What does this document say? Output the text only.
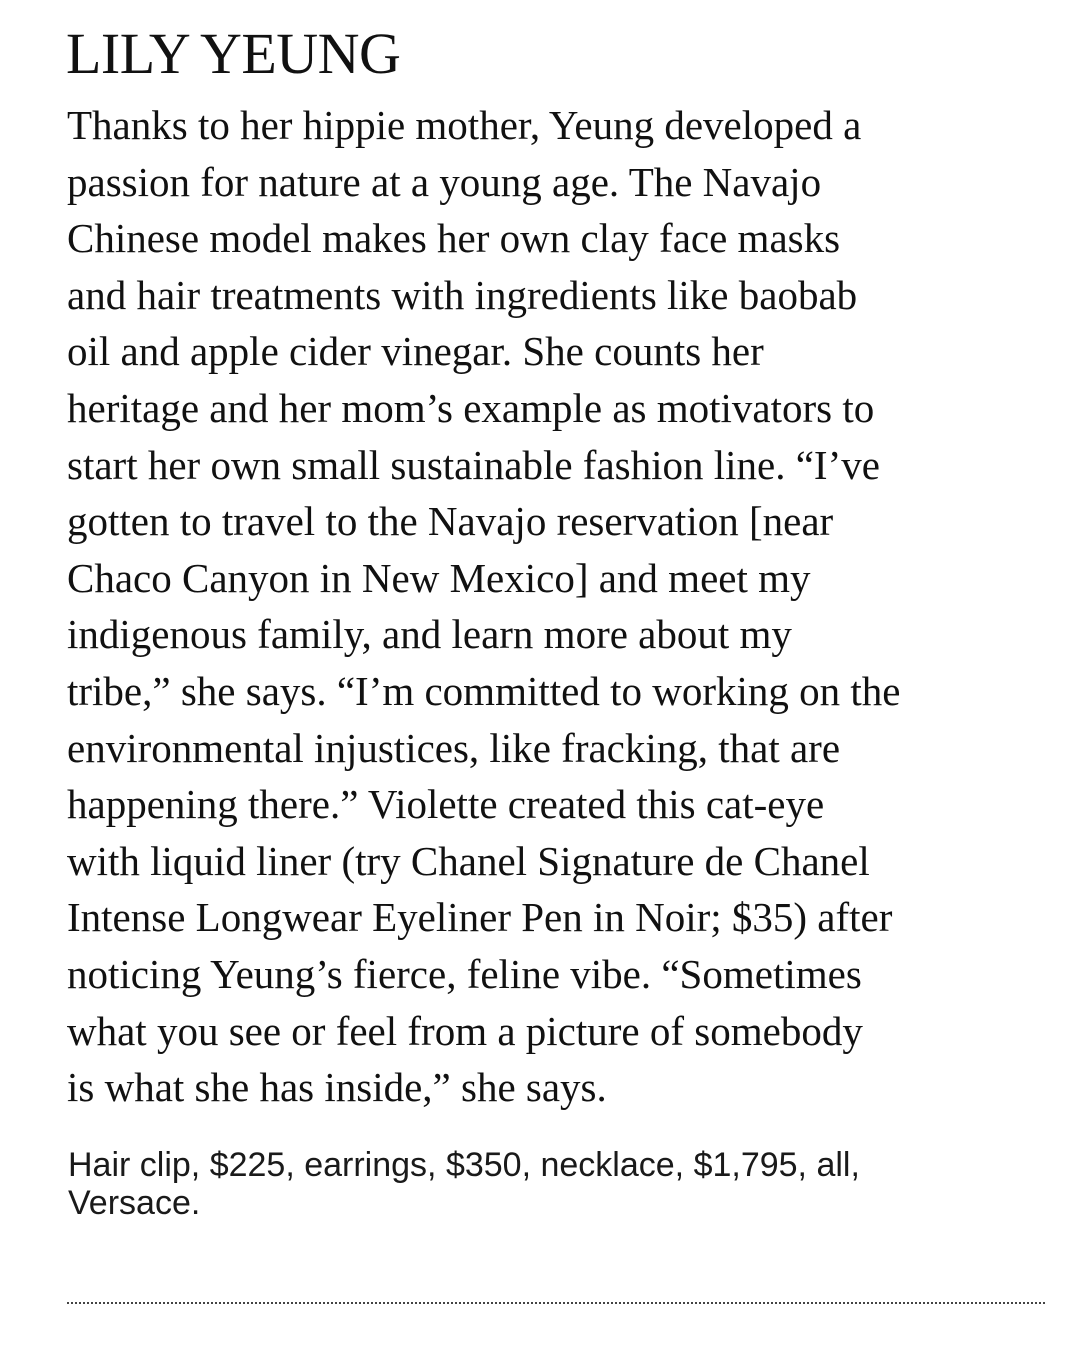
LILY YEUNG

Thanks to her hippie mother, Yeung developed a
passion for nature at a young age. The Navajo
Chinese model makes her own clay face masks
and hair treatments with ingredients like baobab
oil and apple cider vinegar. She counts her
heritage and her mom’s example as motivators to
start her own small sustainable fashion line. “I’ve
gotten to travel to the Navajo reservation [near
Chaco Canyon in New Mexico] and meet my
indigenous family, and learn more about my
tribe,” she says. “I’m committed to working on the
environmental injustices, like fracking, that are
happening there.” Violette created this cat-eye
with liquid liner (try Chanel Signature de Chanel
Intense Longwear Eyeliner Pen in Noir; $35) after
noticing Yeung’s fierce, feline vibe. “Sometimes
what you see or feel from a picture of somebody
is what she has inside,” she says.

Hair clip, $225, earrings, $350, necklace, $1,795, all,
Versace.
